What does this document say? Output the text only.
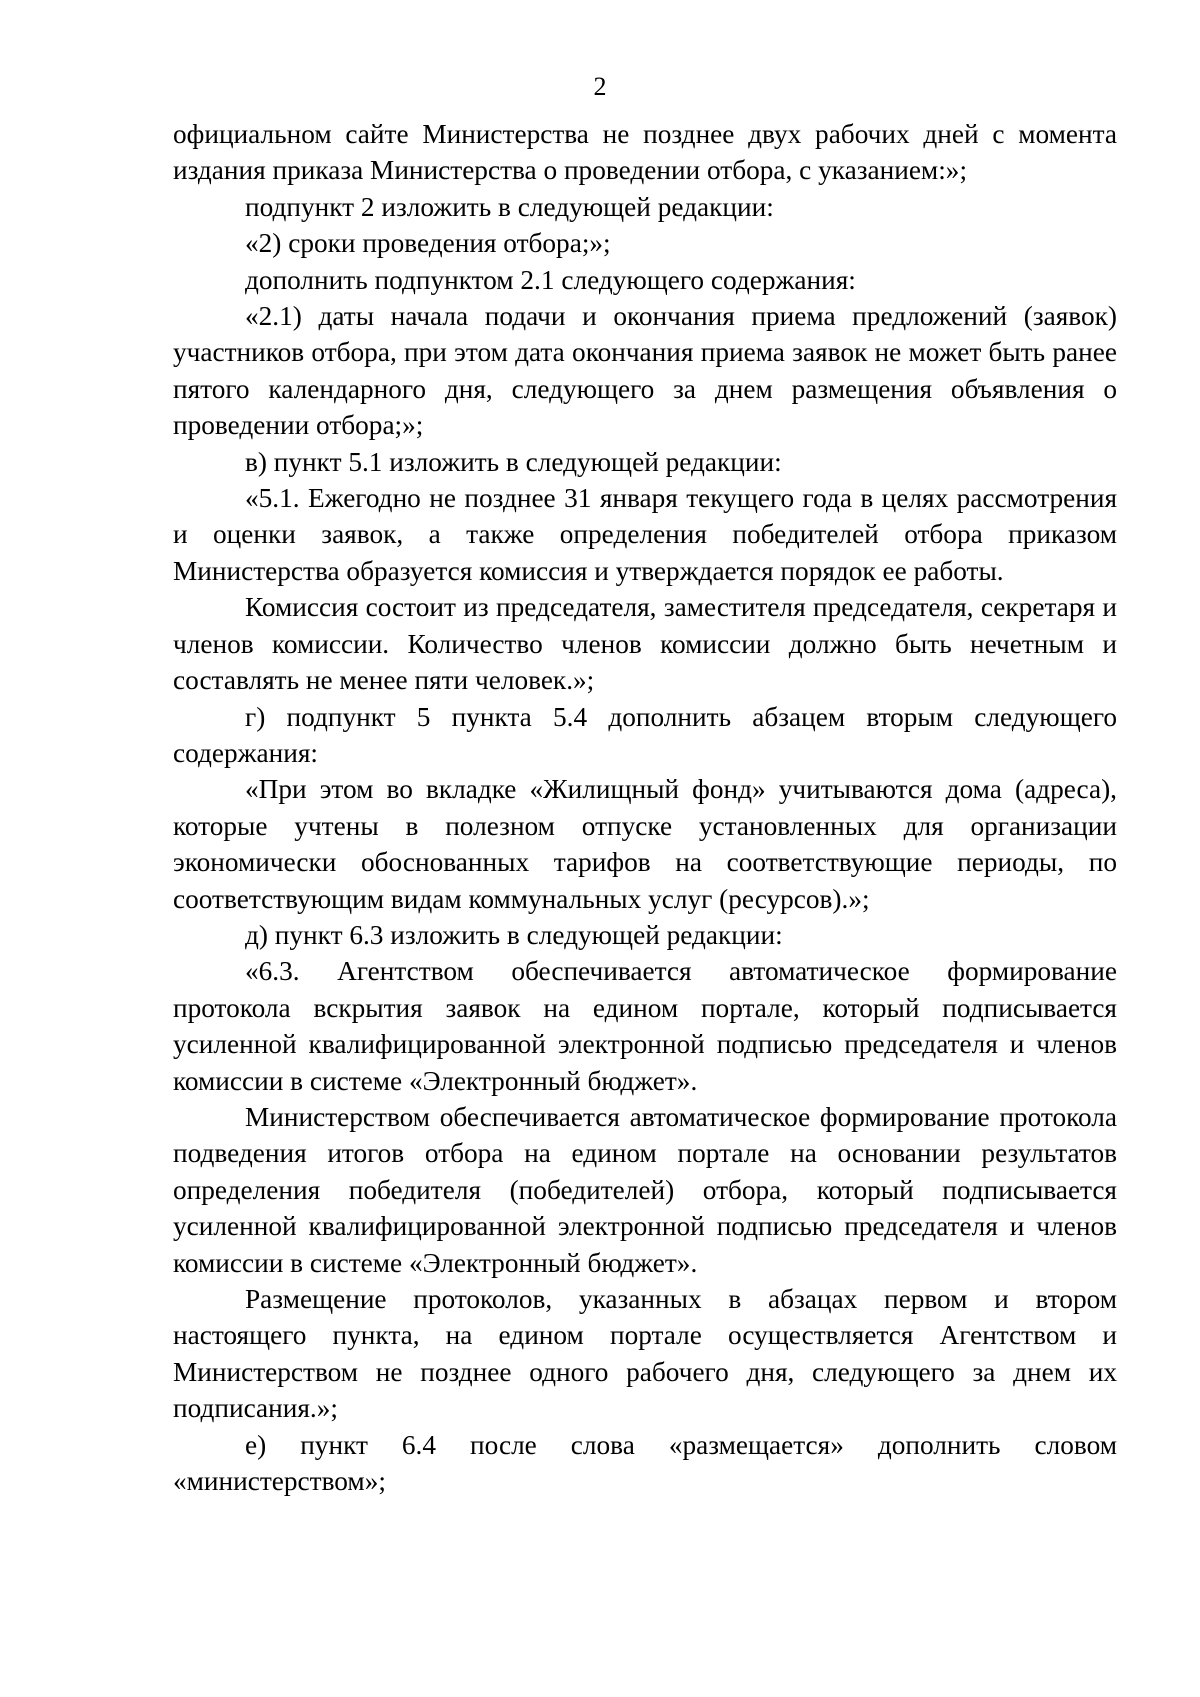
2

официальном сайте Министерства не позднее двух рабочих дней с момента издания приказа Министерства о проведении отбора, с указанием:»;

подпункт 2 изложить в следующей редакции:

«2) сроки проведения отбора;»;

дополнить подпунктом 2.1 следующего содержания:

«2.1) даты начала подачи и окончания приема предложений (заявок) участников отбора, при этом дата окончания приема заявок не может быть ранее пятого календарного дня, следующего за днем размещения объявления о проведении отбора;»;

в) пункт 5.1 изложить в следующей редакции:

«5.1. Ежегодно не позднее 31 января текущего года в целях рассмотрения и оценки заявок, а также определения победителей отбора приказом Министерства образуется комиссия и утверждается порядок ее работы.

Комиссия состоит из председателя, заместителя председателя, секретаря и членов комиссии. Количество членов комиссии должно быть нечетным и составлять не менее пяти человек.»;

г) подпункт 5 пункта 5.4 дополнить абзацем вторым следующего содержания:

«При этом во вкладке «Жилищный фонд» учитываются дома (адреса), которые учтены в полезном отпуске установленных для организации экономически обоснованных тарифов на соответствующие периоды, по соответствующим видам коммунальных услуг (ресурсов).»;

д) пункт 6.3 изложить в следующей редакции:

«6.3. Агентством обеспечивается автоматическое формирование протокола вскрытия заявок на едином портале, который подписывается усиленной квалифицированной электронной подписью председателя и членов комиссии в системе «Электронный бюджет».

Министерством обеспечивается автоматическое формирование протокола подведения итогов отбора на едином портале на основании результатов определения победителя (победителей) отбора, который подписывается усиленной квалифицированной электронной подписью председателя и членов комиссии в системе «Электронный бюджет».

Размещение протоколов, указанных в абзацах первом и втором настоящего пункта, на едином портале осуществляется Агентством и Министерством не позднее одного рабочего дня, следующего за днем их подписания.»;

е) пункт 6.4 после слова «размещается» дополнить словом «министерством»;
